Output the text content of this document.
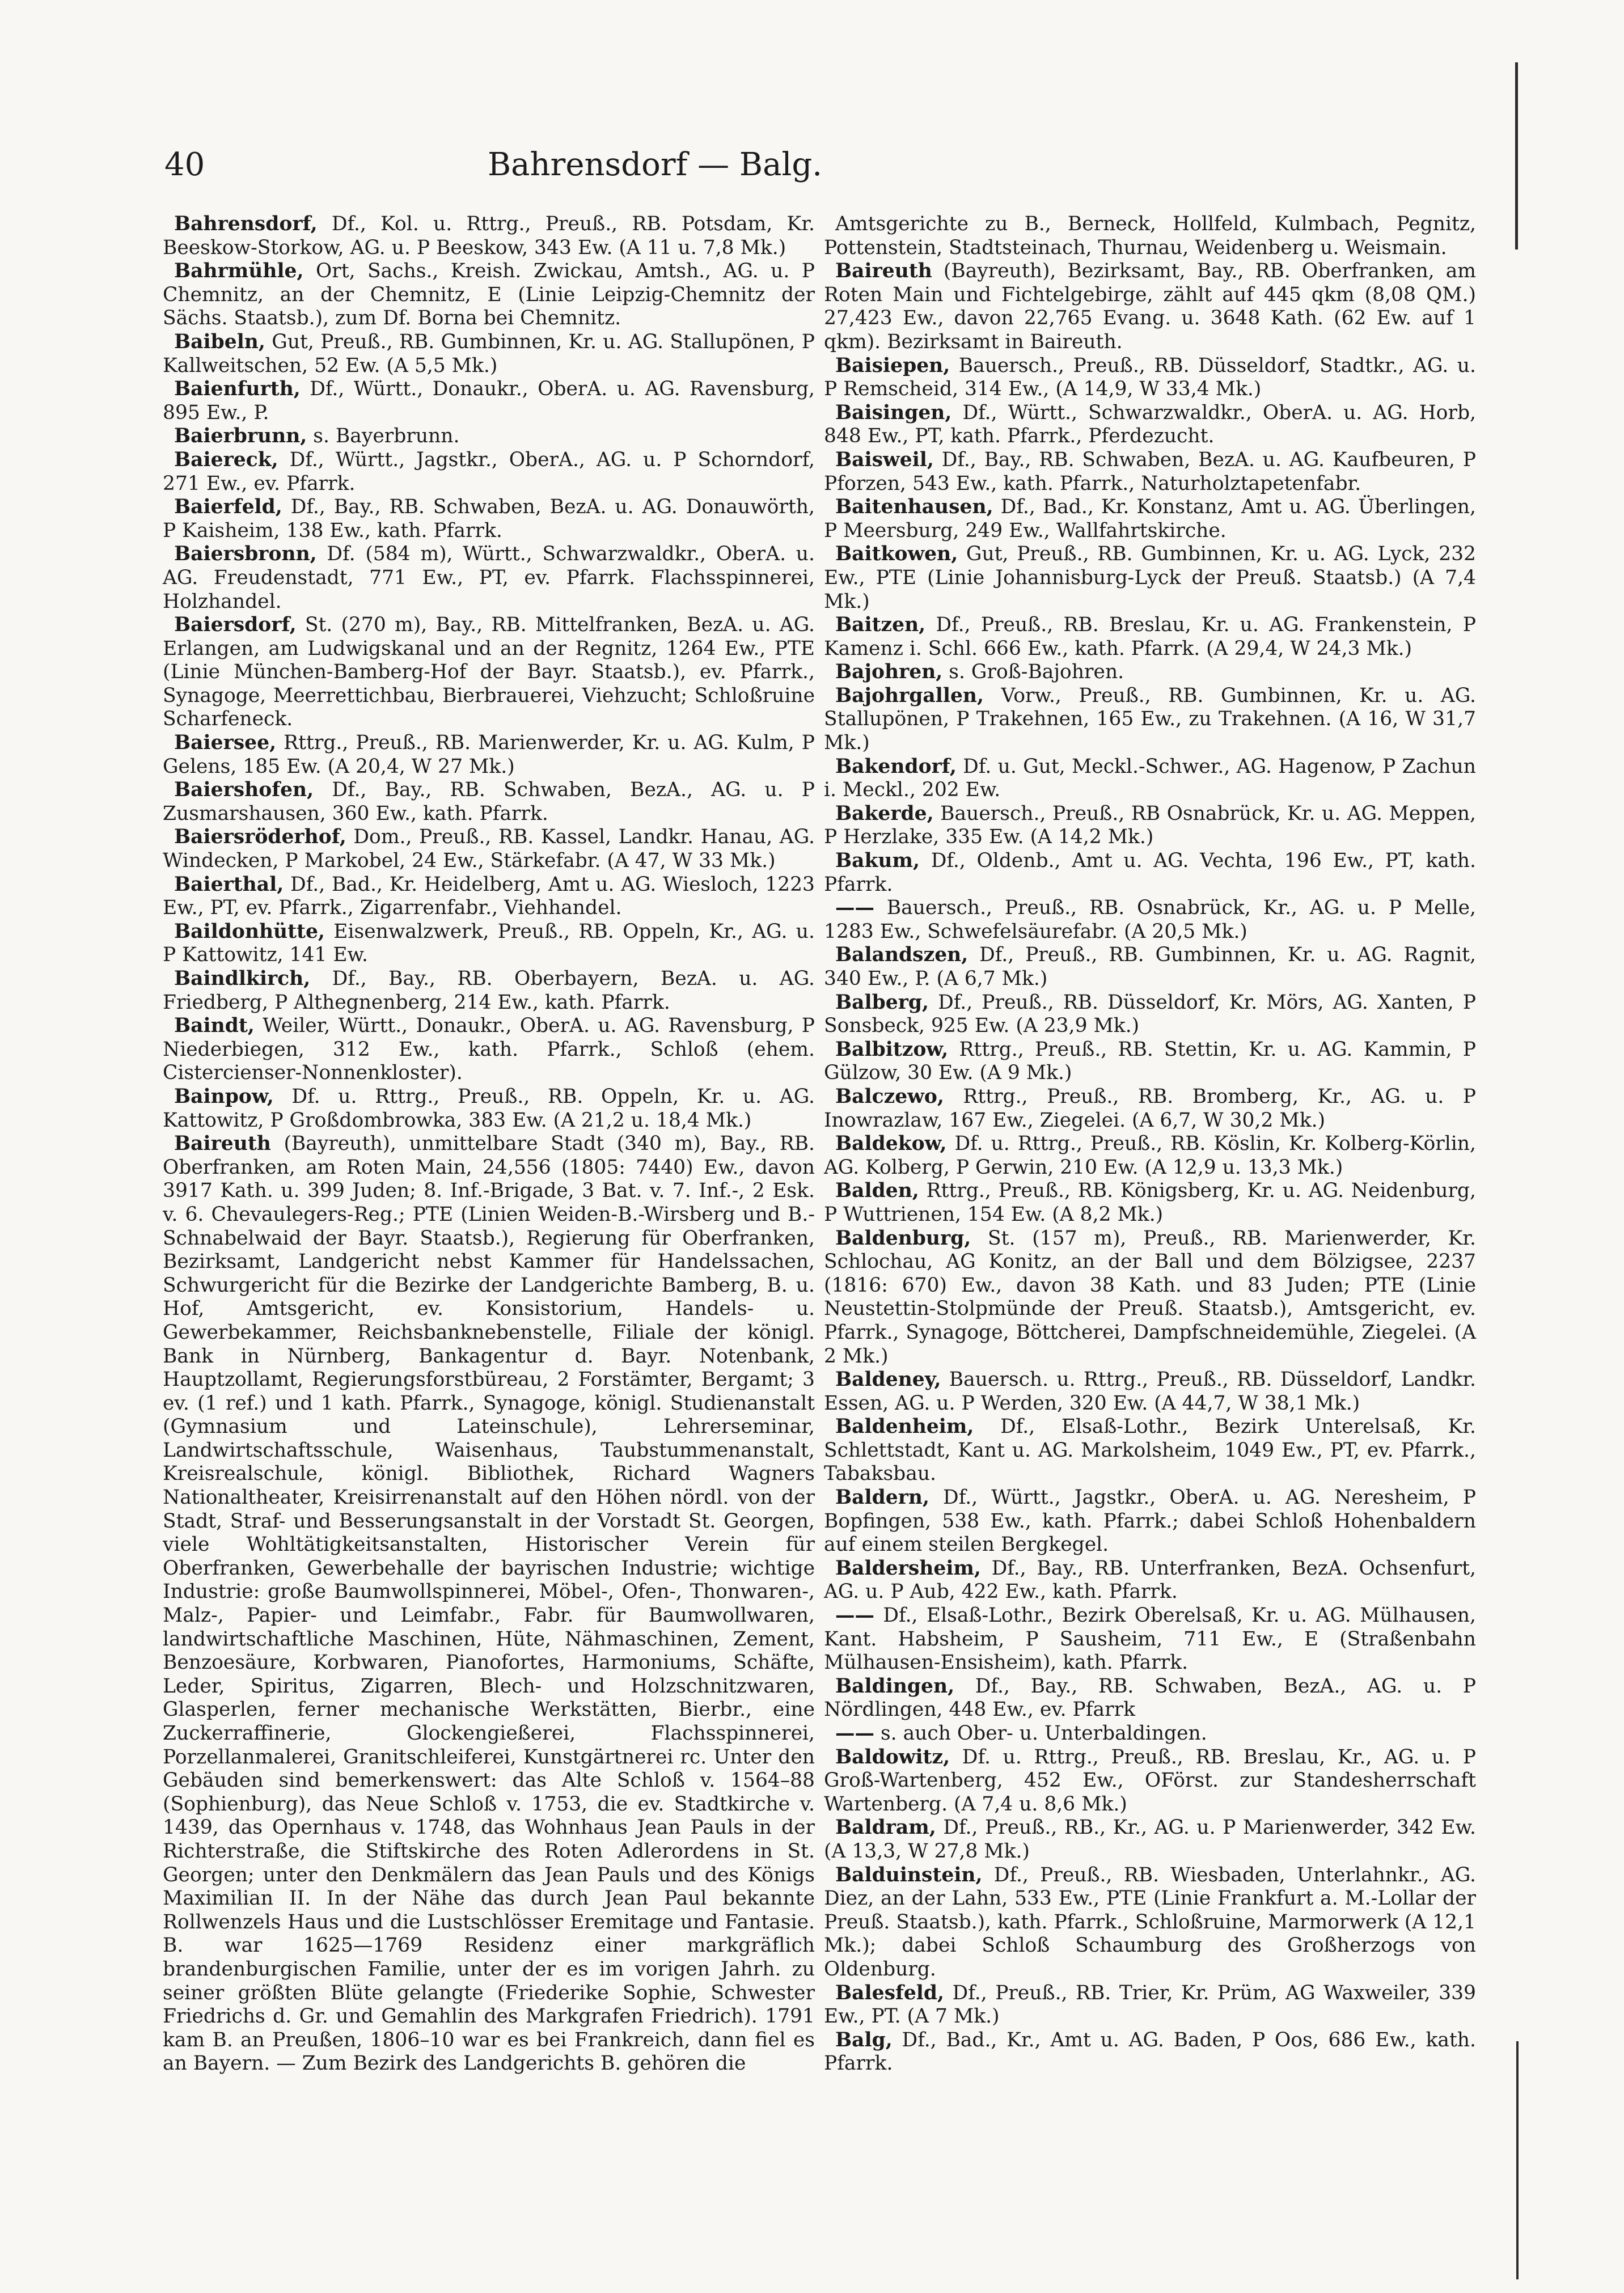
40	Bahrensdorf — Balg.

Bahrensdorf, Df., Kol. u. Rttrg., Preuß., RB. Potsdam, Kr. Beeskow-Storkow, AG. u. P Beeskow, 343 Ew. (A 11 u. 7,8 Mk.)

Bahrmühle, Ort, Sachs., Kreish. Zwickau, Amtsh., AG. u. P Chemnitz, an der Chemnitz, E (Linie Leipzig-Chemnitz der Sächs. Staatsb.), zum Df. Borna bei Chemnitz.

Baibeln, Gut, Preuß., RB. Gumbinnen, Kr. u. AG. Stallupönen, P Kallweitschen, 52 Ew. (A 5,5 Mk.)

Baienfurth, Df., Württ., Donaukr., OberA. u. AG. Ravensburg, 895 Ew., P.

Baierbrunn, s. Bayerbrunn.

Baiereck, Df., Württ., Jagstkr., OberA., AG. u. P Schorndorf, 271 Ew., ev. Pfarrk.

Baierfeld, Df., Bay., RB. Schwaben, BezA. u. AG. Donauwörth, P Kaisheim, 138 Ew., kath. Pfarrk.

Baiersbronn, Df. (584 m), Württ., Schwarzwaldkr., OberA. u. AG. Freudenstadt, 771 Ew., PT, ev. Pfarrk. Flachsspinnerei, Holzhandel.

Baiersdorf, St. (270 m), Bay., RB. Mittelfranken, BezA. u. AG. Erlangen, am Ludwigskanal und an der Regnitz, 1264 Ew., PTE (Linie München-Bamberg-Hof der Bayr. Staatsb.), ev. Pfarrk., Synagoge, Meerrettichbau, Bierbrauerei, Viehzucht; Schloßruine Scharfeneck.

Baiersee, Rttrg., Preuß., RB. Marienwerder, Kr. u. AG. Kulm, P Gelens, 185 Ew. (A 20,4, W 27 Mk.)

Baiershofen, Df., Bay., RB. Schwaben, BezA., AG. u. P Zusmarshausen, 360 Ew., kath. Pfarrk.

Baiersröderhof, Dom., Preuß., RB. Kassel, Landkr. Hanau, AG. Windecken, P Markobel, 24 Ew., Stärkefabr. (A 47, W 33 Mk.)

Baierthal, Df., Bad., Kr. Heidelberg, Amt u. AG. Wiesloch, 1223 Ew., PT, ev. Pfarrk., Zigarrenfabr., Viehhandel.

Baildonhütte, Eisenwalzwerk, Preuß., RB. Oppeln, Kr., AG. u. P Kattowitz, 141 Ew.

Baindlkirch, Df., Bay., RB. Oberbayern, BezA. u. AG. Friedberg, P Althegnenberg, 214 Ew., kath. Pfarrk.

Baindt, Weiler, Württ., Donaukr., OberA. u. AG. Ravensburg, P Niederbiegen, 312 Ew., kath. Pfarrk., Schloß (ehem. Cistercienser-Nonnenkloster).

Bainpow, Df. u. Rttrg., Preuß., RB. Oppeln, Kr. u. AG. Kattowitz, P Großdombrowka, 383 Ew. (A 21,2 u. 18,4 Mk.)

Baireuth (Bayreuth), unmittelbare Stadt (340 m), Bay., RB. Oberfranken, am Roten Main, 24,556 (1805: 7440) Ew., davon 3917 Kath. u. 399 Juden; 8. Inf.-Brigade, 3 Bat. v. 7. Inf.-, 2 Esk. v. 6. Chevaulegers-Reg.; PTE (Linien Weiden-B.-Wirsberg und B.-Schnabelwaid der Bayr. Staatsb.), Regierung für Oberfranken, Bezirksamt, Landgericht nebst Kammer für Handelssachen, Schwurgericht für die Bezirke der Landgerichte Bamberg, B. u. Hof, Amtsgericht, ev. Konsistorium, Handels- u. Gewerbekammer, Reichsbanknebenstelle, Filiale der königl. Bank in Nürnberg, Bankagentur d. Bayr. Notenbank, Hauptzollamt, Regierungsforstbüreau, 2 Forstämter, Bergamt; 3 ev. (1 ref.) und 1 kath. Pfarrk., Synagoge, königl. Studienanstalt (Gymnasium und Lateinschule), Lehrerseminar, Landwirtschaftsschule, Waisenhaus, Taubstummenanstalt, Kreisrealschule, königl. Bibliothek, Richard Wagners Nationaltheater, Kreisirrenanstalt auf den Höhen nördl. von der Stadt, Straf- und Besserungsanstalt in der Vorstadt St. Georgen, viele Wohltätigkeitsanstalten, Historischer Verein für Oberfranken, Gewerbehalle der bayrischen Industrie; wichtige Industrie: große Baumwollspinnerei, Möbel-, Ofen-, Thonwaren-, Malz-, Papier- und Leimfabr., Fabr. für Baumwollwaren, landwirtschaftliche Maschinen, Hüte, Nähmaschinen, Zement, Benzoesäure, Korbwaren, Pianofortes, Harmoniums, Schäfte, Leder, Spiritus, Zigarren, Blech- und Holzschnitzwaren, Glasperlen, ferner mechanische Werkstätten, Bierbr., eine Zuckerraffinerie, Glockengießerei, Flachsspinnerei, Porzellanmalerei, Granitschleiferei, Kunstgärtnerei rc. Unter den Gebäuden sind bemerkenswert: das Alte Schloß v. 1564–88 (Sophienburg), das Neue Schloß v. 1753, die ev. Stadtkirche v. 1439, das Opernhaus v. 1748, das Wohnhaus Jean Pauls in der Richterstraße, die Stiftskirche des Roten Adlerordens in St. Georgen; unter den Denkmälern das Jean Pauls und des Königs Maximilian II. In der Nähe das durch Jean Paul bekannte Rollwenzels Haus und die Lustschlösser Eremitage und Fantasie. B. war 1625—1769 Residenz einer markgräflich brandenburgischen Familie, unter der es im vorigen Jahrh. zu seiner größten Blüte gelangte (Friederike Sophie, Schwester Friedrichs d. Gr. und Gemahlin des Markgrafen Friedrich). 1791 kam B. an Preußen, 1806–10 war es bei Frankreich, dann fiel es an Bayern. — Zum Bezirk des Landgerichts B. gehören die

Amtsgerichte zu B., Berneck, Hollfeld, Kulmbach, Pegnitz, Pottenstein, Stadtsteinach, Thurnau, Weidenberg u. Weismain.

Baireuth (Bayreuth), Bezirksamt, Bay., RB. Oberfranken, am Roten Main und Fichtelgebirge, zählt auf 445 qkm (8,08 QM.) 27,423 Ew., davon 22,765 Evang. u. 3648 Kath. (62 Ew. auf 1 qkm). Bezirksamt in Baireuth.

Baisiepen, Bauersch., Preuß., RB. Düsseldorf, Stadtkr., AG. u. P Remscheid, 314 Ew., (A 14,9, W 33,4 Mk.)

Baisingen, Df., Württ., Schwarzwaldkr., OberA. u. AG. Horb, 848 Ew., PT, kath. Pfarrk., Pferdezucht.

Baisweil, Df., Bay., RB. Schwaben, BezA. u. AG. Kaufbeuren, P Pforzen, 543 Ew., kath. Pfarrk., Naturholztapetenfabr.

Baitenhausen, Df., Bad., Kr. Konstanz, Amt u. AG. Überlingen, P Meersburg, 249 Ew., Wallfahrtskirche.

Baitkowen, Gut, Preuß., RB. Gumbinnen, Kr. u. AG. Lyck, 232 Ew., PTE (Linie Johannisburg-Lyck der Preuß. Staatsb.) (A 7,4 Mk.)

Baitzen, Df., Preuß., RB. Breslau, Kr. u. AG. Frankenstein, P Kamenz i. Schl. 666 Ew., kath. Pfarrk. (A 29,4, W 24,3 Mk.)

Bajohren, s. Groß-Bajohren.

Bajohrgallen, Vorw., Preuß., RB. Gumbinnen, Kr. u. AG. Stallupönen, P Trakehnen, 165 Ew., zu Trakehnen. (A 16, W 31,7 Mk.)

Bakendorf, Df. u. Gut, Meckl.-Schwer., AG. Hagenow, P Zachun i. Meckl., 202 Ew.

Bakerde, Bauersch., Preuß., RB Osnabrück, Kr. u. AG. Meppen, P Herzlake, 335 Ew. (A 14,2 Mk.)

Bakum, Df., Oldenb., Amt u. AG. Vechta, 196 Ew., PT, kath. Pfarrk.

—— Bauersch., Preuß., RB. Osnabrück, Kr., AG. u. P Melle, 1283 Ew., Schwefelsäurefabr. (A 20,5 Mk.)

Balandszen, Df., Preuß., RB. Gumbinnen, Kr. u. AG. Ragnit, 340 Ew., P. (A 6,7 Mk.)

Balberg, Df., Preuß., RB. Düsseldorf, Kr. Mörs, AG. Xanten, P Sonsbeck, 925 Ew. (A 23,9 Mk.)

Balbitzow, Rttrg., Preuß., RB. Stettin, Kr. u. AG. Kammin, P Gülzow, 30 Ew. (A 9 Mk.)

Balczewo, Rttrg., Preuß., RB. Bromberg, Kr., AG. u. P Inowrazlaw, 167 Ew., Ziegelei. (A 6,7, W 30,2 Mk.)

Baldekow, Df. u. Rttrg., Preuß., RB. Köslin, Kr. Kolberg-Körlin, AG. Kolberg, P Gerwin, 210 Ew. (A 12,9 u. 13,3 Mk.)

Balden, Rttrg., Preuß., RB. Königsberg, Kr. u. AG. Neidenburg, P Wuttrienen, 154 Ew. (A 8,2 Mk.)

Baldenburg, St. (157 m), Preuß., RB. Marienwerder, Kr. Schlochau, AG Konitz, an der Ball und dem Bölzigsee, 2237 (1816: 670) Ew., davon 38 Kath. und 83 Juden; PTE (Linie Neustettin-Stolpmünde der Preuß. Staatsb.), Amtsgericht, ev. Pfarrk., Synagoge, Böttcherei, Dampfschneidemühle, Ziegelei. (A 2 Mk.)

Baldeney, Bauersch. u. Rttrg., Preuß., RB. Düsseldorf, Landkr. Essen, AG. u. P Werden, 320 Ew. (A 44,7, W 38,1 Mk.)

Baldenheim, Df., Elsaß-Lothr., Bezirk Unterelsaß, Kr. Schlettstadt, Kant u. AG. Markolsheim, 1049 Ew., PT, ev. Pfarrk., Tabaksbau.

Baldern, Df., Württ., Jagstkr., OberA. u. AG. Neresheim, P Bopfingen, 538 Ew., kath. Pfarrk.; dabei Schloß Hohenbaldern auf einem steilen Bergkegel.

Baldersheim, Df., Bay., RB. Unterfranken, BezA. Ochsenfurt, AG. u. P Aub, 422 Ew., kath. Pfarrk.

—— Df., Elsaß-Lothr., Bezirk Oberelsaß, Kr. u. AG. Mülhausen, Kant. Habsheim, P Sausheim, 711 Ew., E (Straßenbahn Mülhausen-Ensisheim), kath. Pfarrk.

Baldingen, Df., Bay., RB. Schwaben, BezA., AG. u. P Nördlingen, 448 Ew., ev. Pfarrk

—— s. auch Ober- u. Unterbaldingen.

Baldowitz, Df. u. Rttrg., Preuß., RB. Breslau, Kr., AG. u. P Groß-Wartenberg, 452 Ew., OFörst. zur Standesherrschaft Wartenberg. (A 7,4 u. 8,6 Mk.)

Baldram, Df., Preuß., RB., Kr., AG. u. P Marienwerder, 342 Ew. (A 13,3, W 27,8 Mk.)

Balduinstein, Df., Preuß., RB. Wiesbaden, Unterlahnkr., AG. Diez, an der Lahn, 533 Ew., PTE (Linie Frankfurt a. M.-Lollar der Preuß. Staatsb.), kath. Pfarrk., Schloßruine, Marmorwerk (A 12,1 Mk.); dabei Schloß Schaumburg des Großherzogs von Oldenburg.

Balesfeld, Df., Preuß., RB. Trier, Kr. Prüm, AG Waxweiler, 339 Ew., PT. (A 7 Mk.)

Balg, Df., Bad., Kr., Amt u. AG. Baden, P Oos, 686 Ew., kath. Pfarrk.
